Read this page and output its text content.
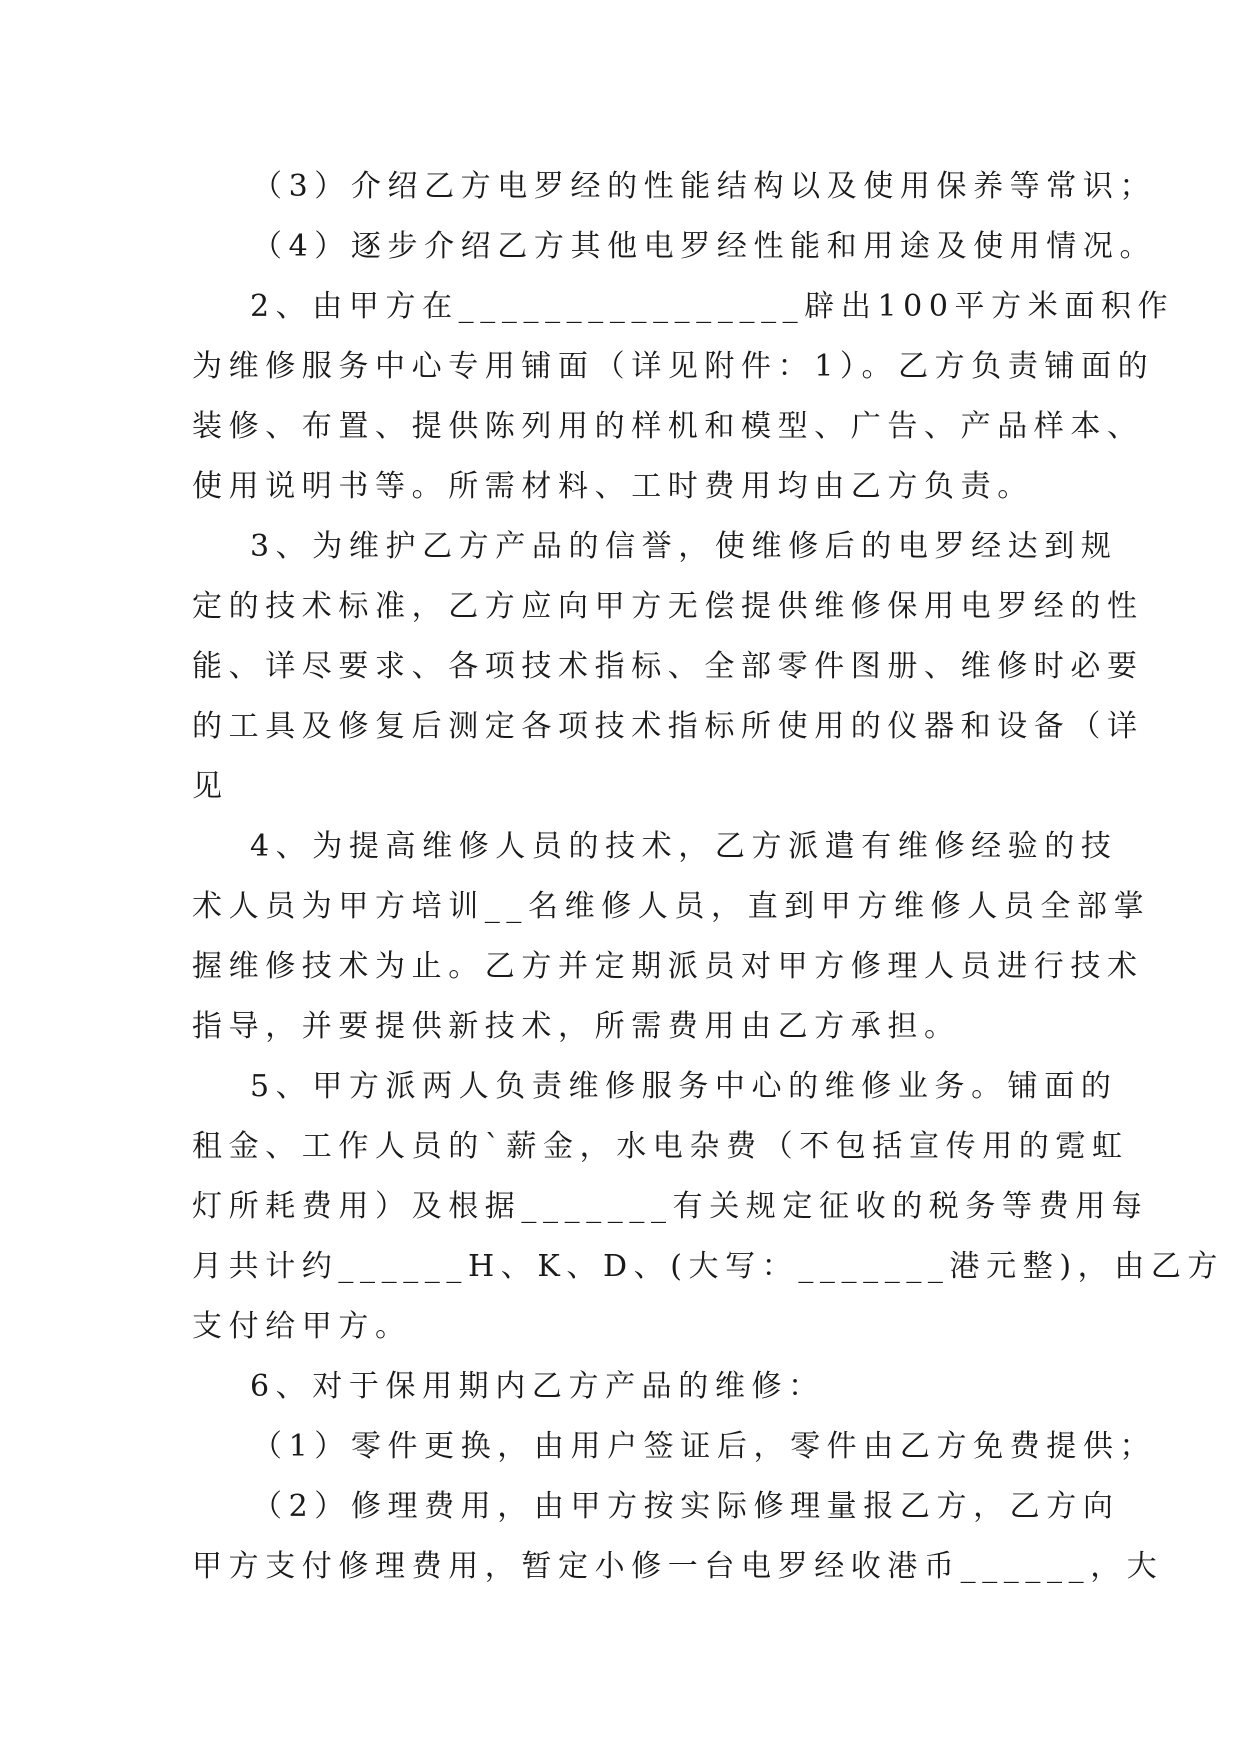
（3）介绍乙方电罗经的性能结构以及使用保养等常识；
（4）逐步介绍乙方其他电罗经性能和用途及使用情况。
2、由甲方在________________辟出100平方米面积作
为维修服务中心专用铺面（详见附件：1）。乙方负责铺面的
装修、布置、提供陈列用的样机和模型、广告、产品样本、
使用说明书等。所需材料、工时费用均由乙方负责。
3、为维护乙方产品的信誉，使维修后的电罗经达到规
定的技术标准，乙方应向甲方无偿提供维修保用电罗经的性
能、详尽要求、各项技术指标、全部零件图册、维修时必要
的工具及修复后测定各项技术指标所使用的仪器和设备（详
见
4、为提高维修人员的技术，乙方派遣有维修经验的技
术人员为甲方培训__名维修人员，直到甲方维修人员全部掌
握维修技术为止。乙方并定期派员对甲方修理人员进行技术
指导，并要提供新技术，所需费用由乙方承担。
5、甲方派两人负责维修服务中心的维修业务。铺面的
租金、工作人员的`薪金，水电杂费（不包括宣传用的霓虹
灯所耗费用）及根据_______有关规定征收的税务等费用每
月共计约______H、K、D、(大写：_______港元整)，由乙方
支付给甲方。
6、对于保用期内乙方产品的维修：
（1）零件更换，由用户签证后，零件由乙方免费提供；
（2）修理费用，由甲方按实际修理量报乙方，乙方向
甲方支付修理费用，暂定小修一台电罗经收港币______，大
